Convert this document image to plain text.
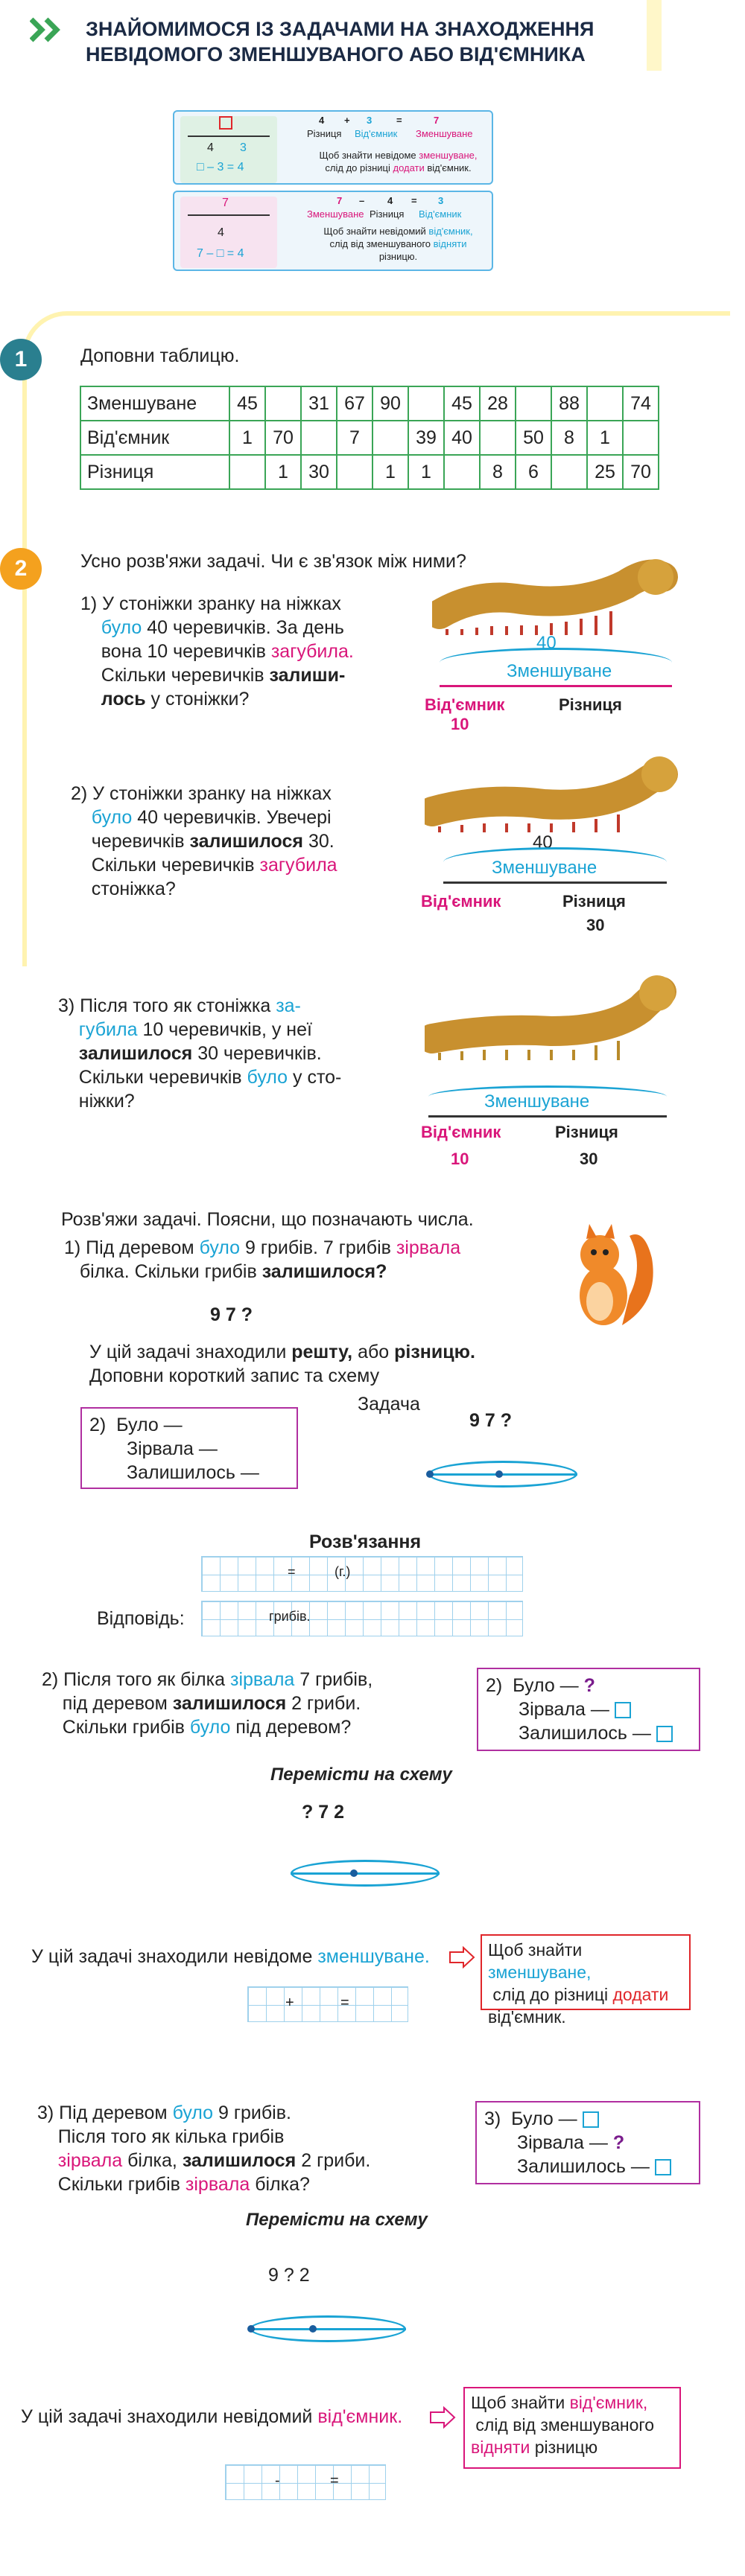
ЗНАЙОМИМОСЯ ІЗ ЗАДАЧАМИ НА ЗНАХОДЖЕННЯ
НЕВІДОМОГО ЗМЕНШУВАНОГО АБО ВІД'ЄМНИКА
4 3
□ – 3 = 4
4 + 3	=	7
Різниця Від'ємник Зменшуване
Щоб знайти невідоме зменшуване,
слід до різниці додати від'ємник.
7
4
7 – □ = 4
7 – 4 = 3
Зменшуване Різниця Від'ємник
Щоб знайти невідомий від'ємник,
слід від зменшуваного відняти
різницю.
1	Доповни таблицю.
Зменшуване	45		31	67	90		45	28		88		74
Від'ємник	1	70		7		39	40		50	8	1	
Різниця		1	30		1	1		8	6		25	70
2	Усно розв'яжи задачі. Чи є зв'язок між ними?
1) У стоніжки зранку на ніжках
було 40 черевичків. За день
вона 10 черевичків загубила.
Скільки черевичків залиши-
лось у стоніжки?
40
Зменшуване
Від'ємник
10
Різниця
2) У стоніжки зранку на ніжках
було 40 черевичків. Увечері
черевичків залишилося 30.
Скільки черевичків загубила
стоніжка?
40
Зменшуване
Від'ємник	Різниця
30
3) Після того як стоніжка за-
губила 10 черевичків, у неї
залишилося 30 черевичків.
Скільки черевичків було у сто-
ніжки?	Зменшуване
Від'ємник
10
Різниця
30
Розв'яжи задачі. Поясни, що позначають числа.
1) Під деревом було 9 грибів. 7 грибів зірвала
білка. Скільки грибів залишилося?
9 7 ?
У цій задачі знаходили решту, або різницю.
Доповни короткий запис та схему
Задача
2) Було —
Зірвала —
Залишилось —
9 7 ?
Розв'язання
=	(г.)
Відповідь:	грибів.
2) Після того як білка зірвала 7 грибів,
під деревом залишилося 2 гриби.
Скільки грибів було під деревом?
2) Було — ?
Зірвала —
Залишилось —
Перемісти на схему
? 7 2
У цій задачі знаходили невідоме зменшуване.	Щоб знайти зменшуване,
слід до різниці додати
від'ємник.
+	=
3) Під деревом було 9 грибів.
Після того як кілька грибів
зірвала білка, залишилося 2 гриби.
Скільки грибів зірвала білка?
3) Було —
Зірвала — ?
Залишилось —
Перемісти на схему
9 ? 2
У цій задачі знаходили невідомий від'ємник.
Щоб знайти від'ємник,
слід від зменшуваного
відняти різницю
-	=
